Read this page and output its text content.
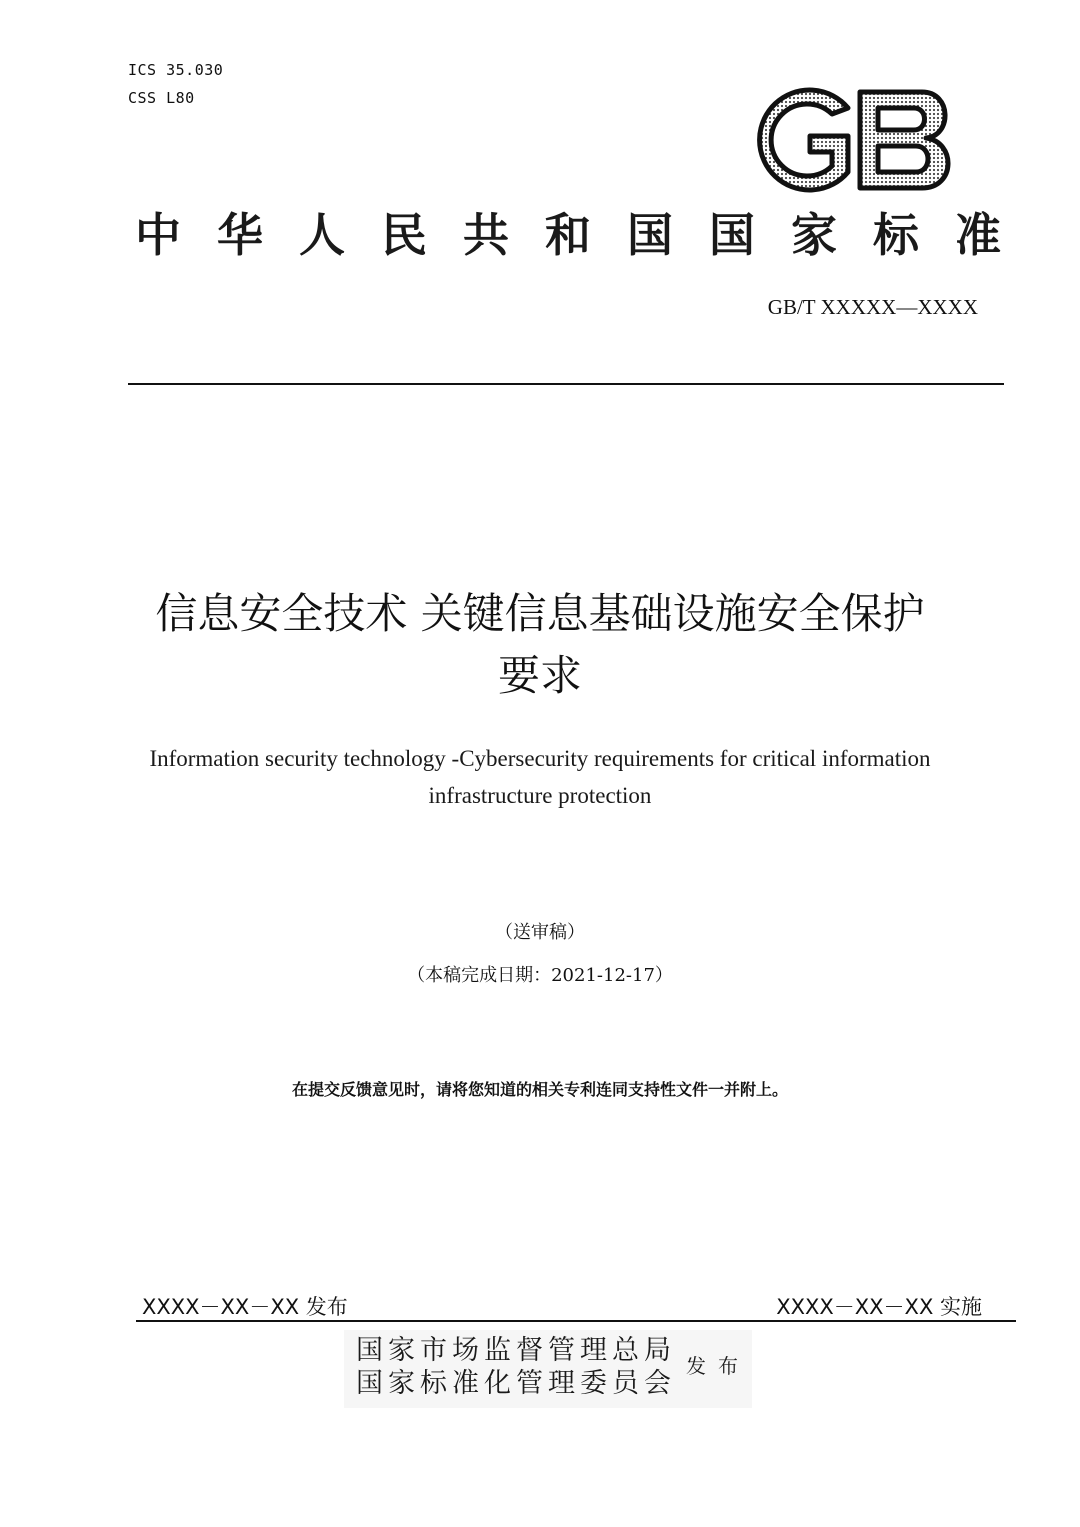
ICS 35.030
CSS L80
中 华 人 民 共 和 国 国 家 标 准
GB/T XXXXX—XXXX
信息安全技术 关键信息基础设施安全保护
要求
Information security technology -Cybersecurity requirements for critical information
infrastructure protection
（送审稿）
（本稿完成日期：2021-12-17）
在提交反馈意见时，请将您知道的相关专利连同支持性文件一并附上。
XXXX－XX－XX 发布	XXXX－XX－XX 实施
国家市场监督管理总局
国家标准化管理委员会
发布
